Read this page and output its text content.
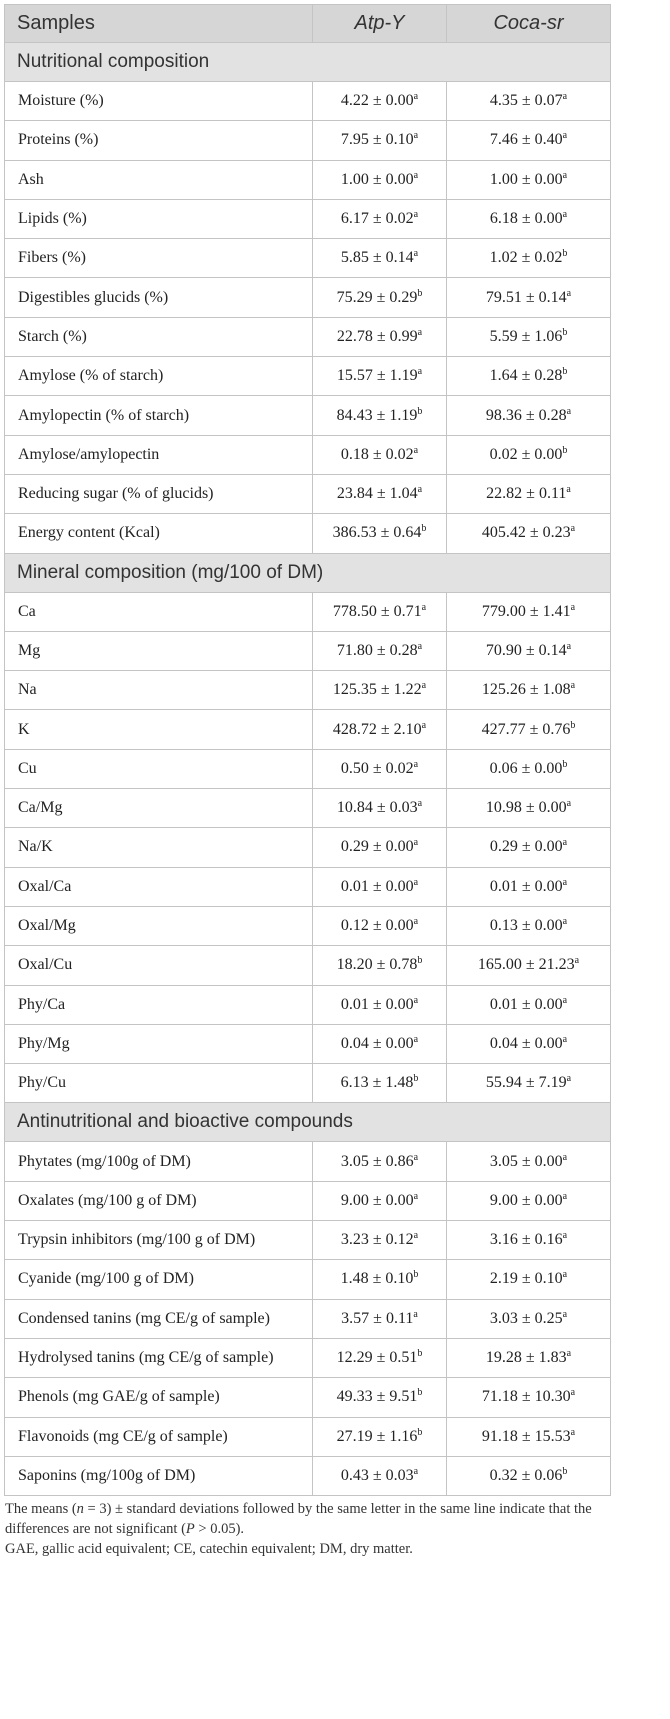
Samples	Atp-Y	Coca-sr
Nutritional composition		
Moisture (%)	4.22 ± 0.00$^a$	4.35 ± 0.07$^a$
Proteins (%)	7.95 ± 0.10$^a$	7.46 ± 0.40$^a$
Ash	1.00 ± 0.00$^a$	1.00 ± 0.00$^a$
Lipids (%)	6.17 ± 0.02$^a$	6.18 ± 0.00$^a$
Fibers (%)	5.85 ± 0.14$^a$	1.02 ± 0.02$^b$
Digestibles glucids (%)	75.29 ± 0.29$^b$	79.51 ± 0.14$^a$
Starch (%)	22.78 ± 0.99$^a$	5.59 ± 1.06$^b$
Amylose (% of starch)	15.57 ± 1.19$^a$	1.64 ± 0.28$^b$
Amylopectin (% of starch)	84.43 ± 1.19$^b$	98.36 ± 0.28$^a$
Amylose/amylopectin	0.18 ± 0.02$^a$	0.02 ± 0.00$^b$
Reducing sugar (% of glucids)	23.84 ± 1.04$^a$	22.82 ± 0.11$^a$
Energy content (Kcal)	386.53 ± 0.64$^b$	405.42 ± 0.23$^a$
Mineral composition (mg/100 of DM)		
Ca	778.50 ± 0.71$^a$	779.00 ± 1.41$^a$
Mg	71.80 ± 0.28$^a$	70.90 ± 0.14$^a$
Na	125.35 ± 1.22$^a$	125.26 ± 1.08$^a$
K	428.72 ± 2.10$^a$	427.77 ± 0.76$^b$
Cu	0.50 ± 0.02$^a$	0.06 ± 0.00$^b$
Ca/Mg	10.84 ± 0.03$^a$	10.98 ± 0.00$^a$
Na/K	0.29 ± 0.00$^a$	0.29 ± 0.00$^a$
Oxal/Ca	0.01 ± 0.00$^a$	0.01 ± 0.00$^a$
Oxal/Mg	0.12 ± 0.00$^a$	0.13 ± 0.00$^a$
Oxal/Cu	18.20 ± 0.78$^b$	165.00 ± 21.23$^a$
Phy/Ca	0.01 ± 0.00$^a$	0.01 ± 0.00$^a$
Phy/Mg	0.04 ± 0.00$^a$	0.04 ± 0.00$^a$
Phy/Cu	6.13 ± 1.48$^b$	55.94 ± 7.19$^a$
Antinutritional and bioactive compounds		
Phytates (mg/100g of DM)	3.05 ± 0.86$^a$	3.05 ± 0.00$^a$
Oxalates (mg/100 g of DM)	9.00 ± 0.00$^a$	9.00 ± 0.00$^a$
Trypsin inhibitors (mg/100 g of DM)	3.23 ± 0.12$^a$	3.16 ± 0.16$^a$
Cyanide (mg/100 g of DM)	1.48 ± 0.10$^b$	2.19 ± 0.10$^a$
Condensed tanins (mg CE/g of sample)	3.57 ± 0.11$^a$	3.03 ± 0.25$^a$
Hydrolysed tanins (mg CE/g of sample)	12.29 ± 0.51$^b$	19.28 ± 1.83$^a$
Phenols (mg GAE/g of sample)	49.33 ± 9.51$^b$	71.18 ± 10.30$^a$
Flavonoids (mg CE/g of sample)	27.19 ± 1.16$^b$	91.18 ± 15.53$^a$
Saponins (mg/100g of DM)	0.43 ± 0.03$^a$	0.32 ± 0.06$^b$

The means (n = 3) ± standard deviations followed by the same letter in the same line indicate that the differences are not significant (P > 0.05).

GAE, gallic acid equivalent; CE, catechin equivalent; DM, dry matter.
